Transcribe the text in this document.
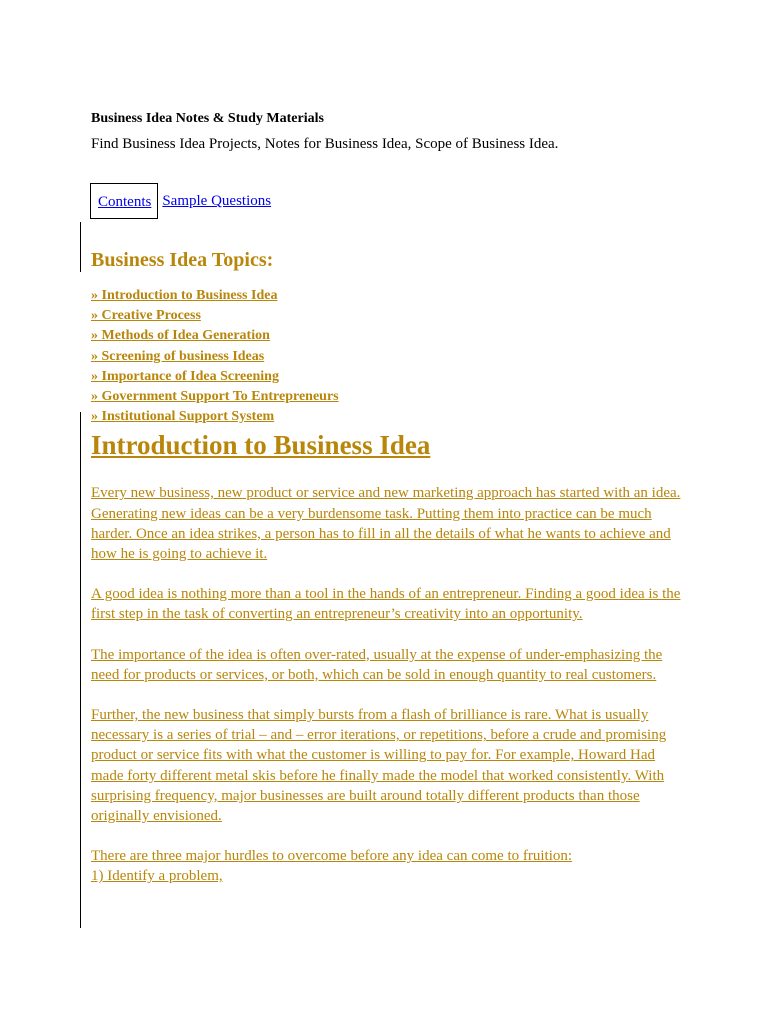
Business Idea Notes & Study Materials
Find Business Idea Projects, Notes for Business Idea, Scope of Business Idea.
Contents Sample Questions
Business Idea Topics:
» Introduction to Business Idea
» Creative Process
» Methods of Idea Generation
» Screening of business Ideas
» Importance of Idea Screening
» Government Support To Entrepreneurs
» Institutional Support System
Introduction to Business Idea

Every new business, new product or service and new marketing approach has started with an idea. Generating new ideas can be a very burdensome task. Putting them into practice can be much harder. Once an idea strikes, a person has to fill in all the details of what he wants to achieve and how he is going to achieve it.

A good idea is nothing more than a tool in the hands of an entrepreneur. Finding a good idea is the first step in the task of converting an entrepreneur’s creativity into an opportunity.

The importance of the idea is often over-rated, usually at the expense of under-emphasizing the need for products or services, or both, which can be sold in enough quantity to real customers.

Further, the new business that simply bursts from a flash of brilliance is rare. What is usually necessary is a series of trial – and – error iterations, or repetitions, before a crude and promising product or service fits with what the customer is willing to pay for. For example, Howard Had made forty different metal skis before he finally made the model that worked consistently. With surprising frequency, major businesses are built around totally different products than those originally envisioned.

There are three major hurdles to overcome before any idea can come to fruition:
1) Identify a problem,
